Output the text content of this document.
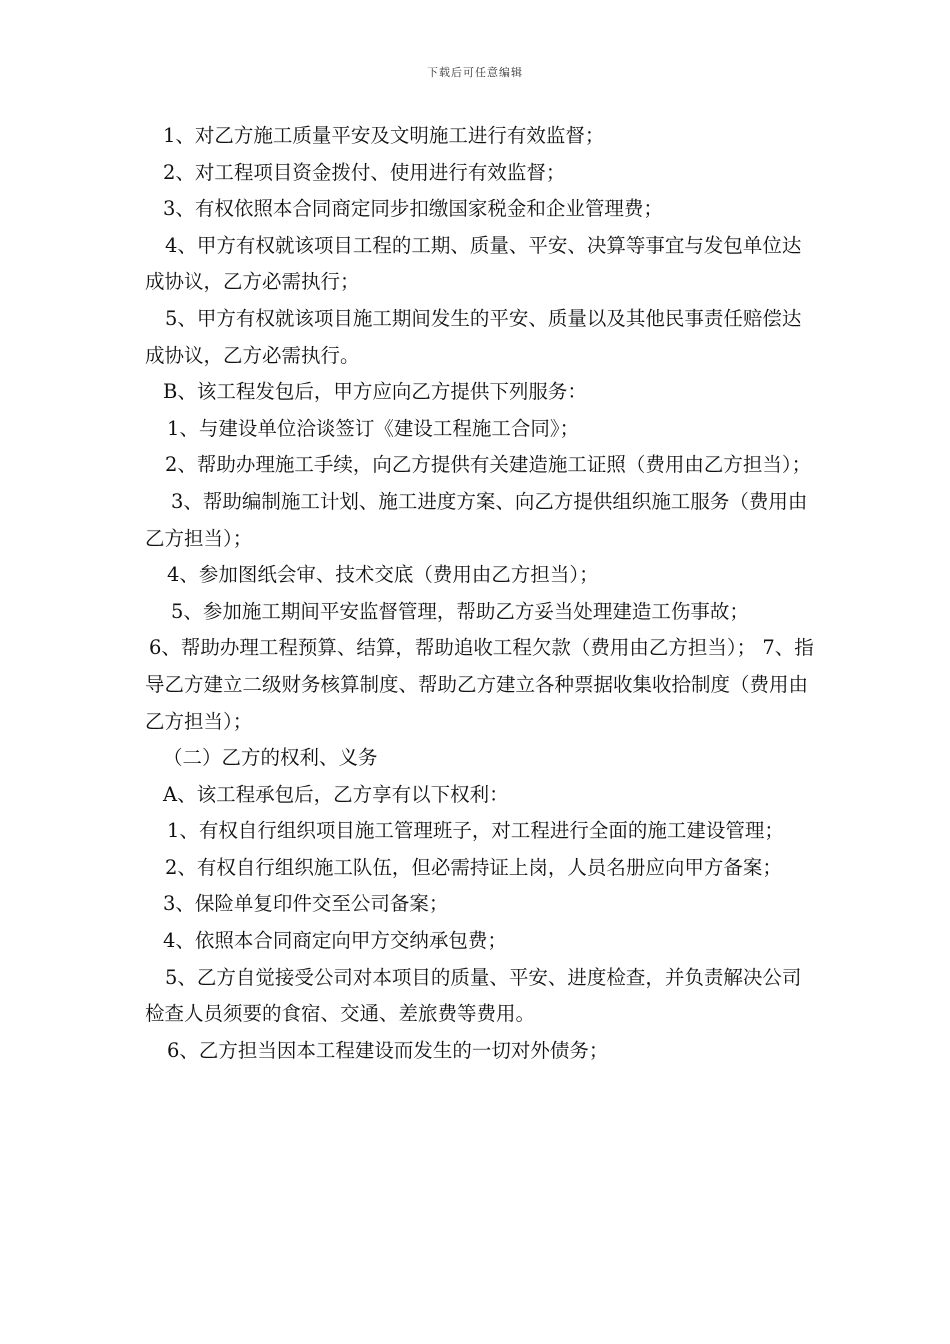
下载后可任意编辑

1、对乙方施工质量平安及文明施工进行有效监督；

2、对工程项目资金拨付、使用进行有效监督；

3、有权依照本合同商定同步扣缴国家税金和企业管理费；

4、甲方有权就该项目工程的工期、质量、平安、决算等事宜与发包单位达成协议，乙方必需执行；

5、甲方有权就该项目施工期间发生的平安、质量以及其他民事责任赔偿达成协议，乙方必需执行。

B、该工程发包后，甲方应向乙方提供下列服务：

1、与建设单位洽谈签订《建设工程施工合同》；

2、帮助办理施工手续，向乙方提供有关建造施工证照（费用由乙方担当）；

3、帮助编制施工计划、施工进度方案、向乙方提供组织施工服务（费用由乙方担当）；

4、参加图纸会审、技术交底（费用由乙方担当）；

5、参加施工期间平安监督管理，帮助乙方妥当处理建造工伤事故；

6、帮助办理工程预算、结算，帮助追收工程欠款（费用由乙方担当）； 7、指导乙方建立二级财务核算制度、帮助乙方建立各种票据收集收拾制度（费用由乙方担当）；

（二）乙方的权利、义务

A、该工程承包后，乙方享有以下权利：

1、有权自行组织项目施工管理班子，对工程进行全面的施工建设管理；

2、有权自行组织施工队伍，但必需持证上岗，人员名册应向甲方备案；

3、保险单复印件交至公司备案；

4、依照本合同商定向甲方交纳承包费；

5、乙方自觉接受公司对本项目的质量、平安、进度检查，并负责解决公司检查人员须要的食宿、交通、差旅费等费用。

6、乙方担当因本工程建设而发生的一切对外债务；
